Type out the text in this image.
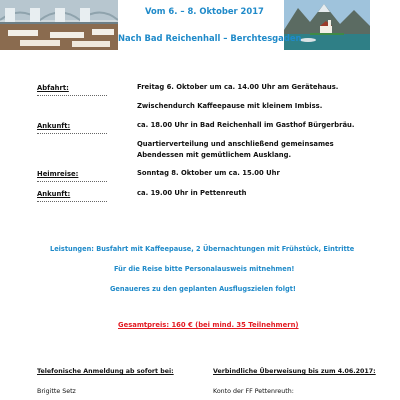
Vom 6. – 8. Oktober 2017
Nach Bad Reichenhall – Berchtesgaden
Abfahrt:	Freitag 6. Oktober um ca. 14.00 Uhr am Gerätehaus.
Zwischendurch Kaffeepause mit kleinem Imbiss.
Ankunft:	ca. 18.00 Uhr in Bad Reichenhall im Gasthof Bürgerbräu.
Quartierverteilung und anschließend gemeinsames
Abendessen mit gemütlichem Ausklang.
Heimreise:	Sonntag 8. Oktober um ca. 15.00 Uhr
Ankunft:	ca. 19.00 Uhr in Pettenreuth
Leistungen: Busfahrt mit Kaffeepause, 2 Übernachtungen mit Frühstück, Eintritte
Für die Reise bitte Personalausweis mitnehmen!
Genaueres zu den geplanten Ausflugszielen folgt!
Gesamtpreis: 160 € (bei mind. 35 Teilnehmern)
Telefonische Anmeldung ab sofort bei:
Brigitte Setz
Verbindliche Überweisung bis zum 4.06.2017:
Konto der FF Pettenreuth:
